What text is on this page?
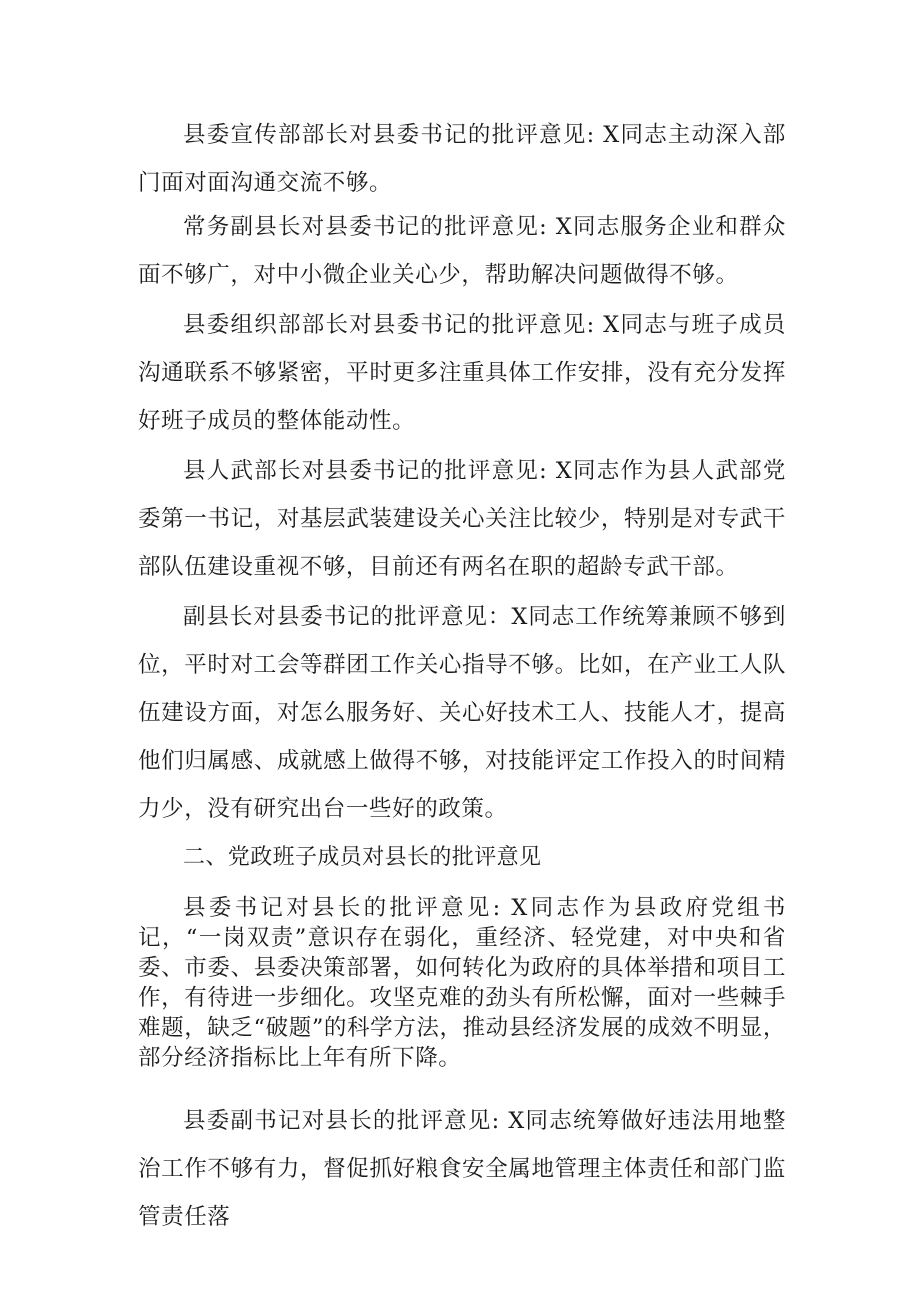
县委宣传部部长对县委书记的批评意见: X同志主动深入部门面对面沟通交流不够。

常务副县长对县委书记的批评意见: X同志服务企业和群众面不够广，对中小微企业关心少，帮助解决问题做得不够。

县委组织部部长对县委书记的批评意见: X同志与班子成员沟通联系不够紧密，平时更多注重具体工作安排，没有充分发挥好班子成员的整体能动性。

县人武部长对县委书记的批评意见: X同志作为县人武部党委第一书记，对基层武装建设关心关注比较少，特别是对专武干部队伍建设重视不够，目前还有两名在职的超龄专武干部。

副县长对县委书记的批评意见：X同志工作统筹兼顾不够到位，平时对工会等群团工作关心指导不够。比如，在产业工人队伍建设方面，对怎么服务好、关心好技术工人、技能人才，提高他们归属感、成就感上做得不够，对技能评定工作投入的时间精力少，没有研究出台一些好的政策。

二、党政班子成员对县长的批评意见

县委书记对县长的批评意见: X同志作为县政府党组书记，“一岗双责”意识存在弱化，重经济、轻党建，对中央和省委、市委、县委决策部署，如何转化为政府的具体举措和项目工作，有待进一步细化。攻坚克难的劲头有所松懈，面对一些棘手难题，缺乏“破题”的科学方法，推动县经济发展的成效不明显，部分经济指标比上年有所下降。

县委副书记对县长的批评意见: X同志统筹做好违法用地整治工作不够有力，督促抓好粮食安全属地管理主体责任和部门监管责任落
